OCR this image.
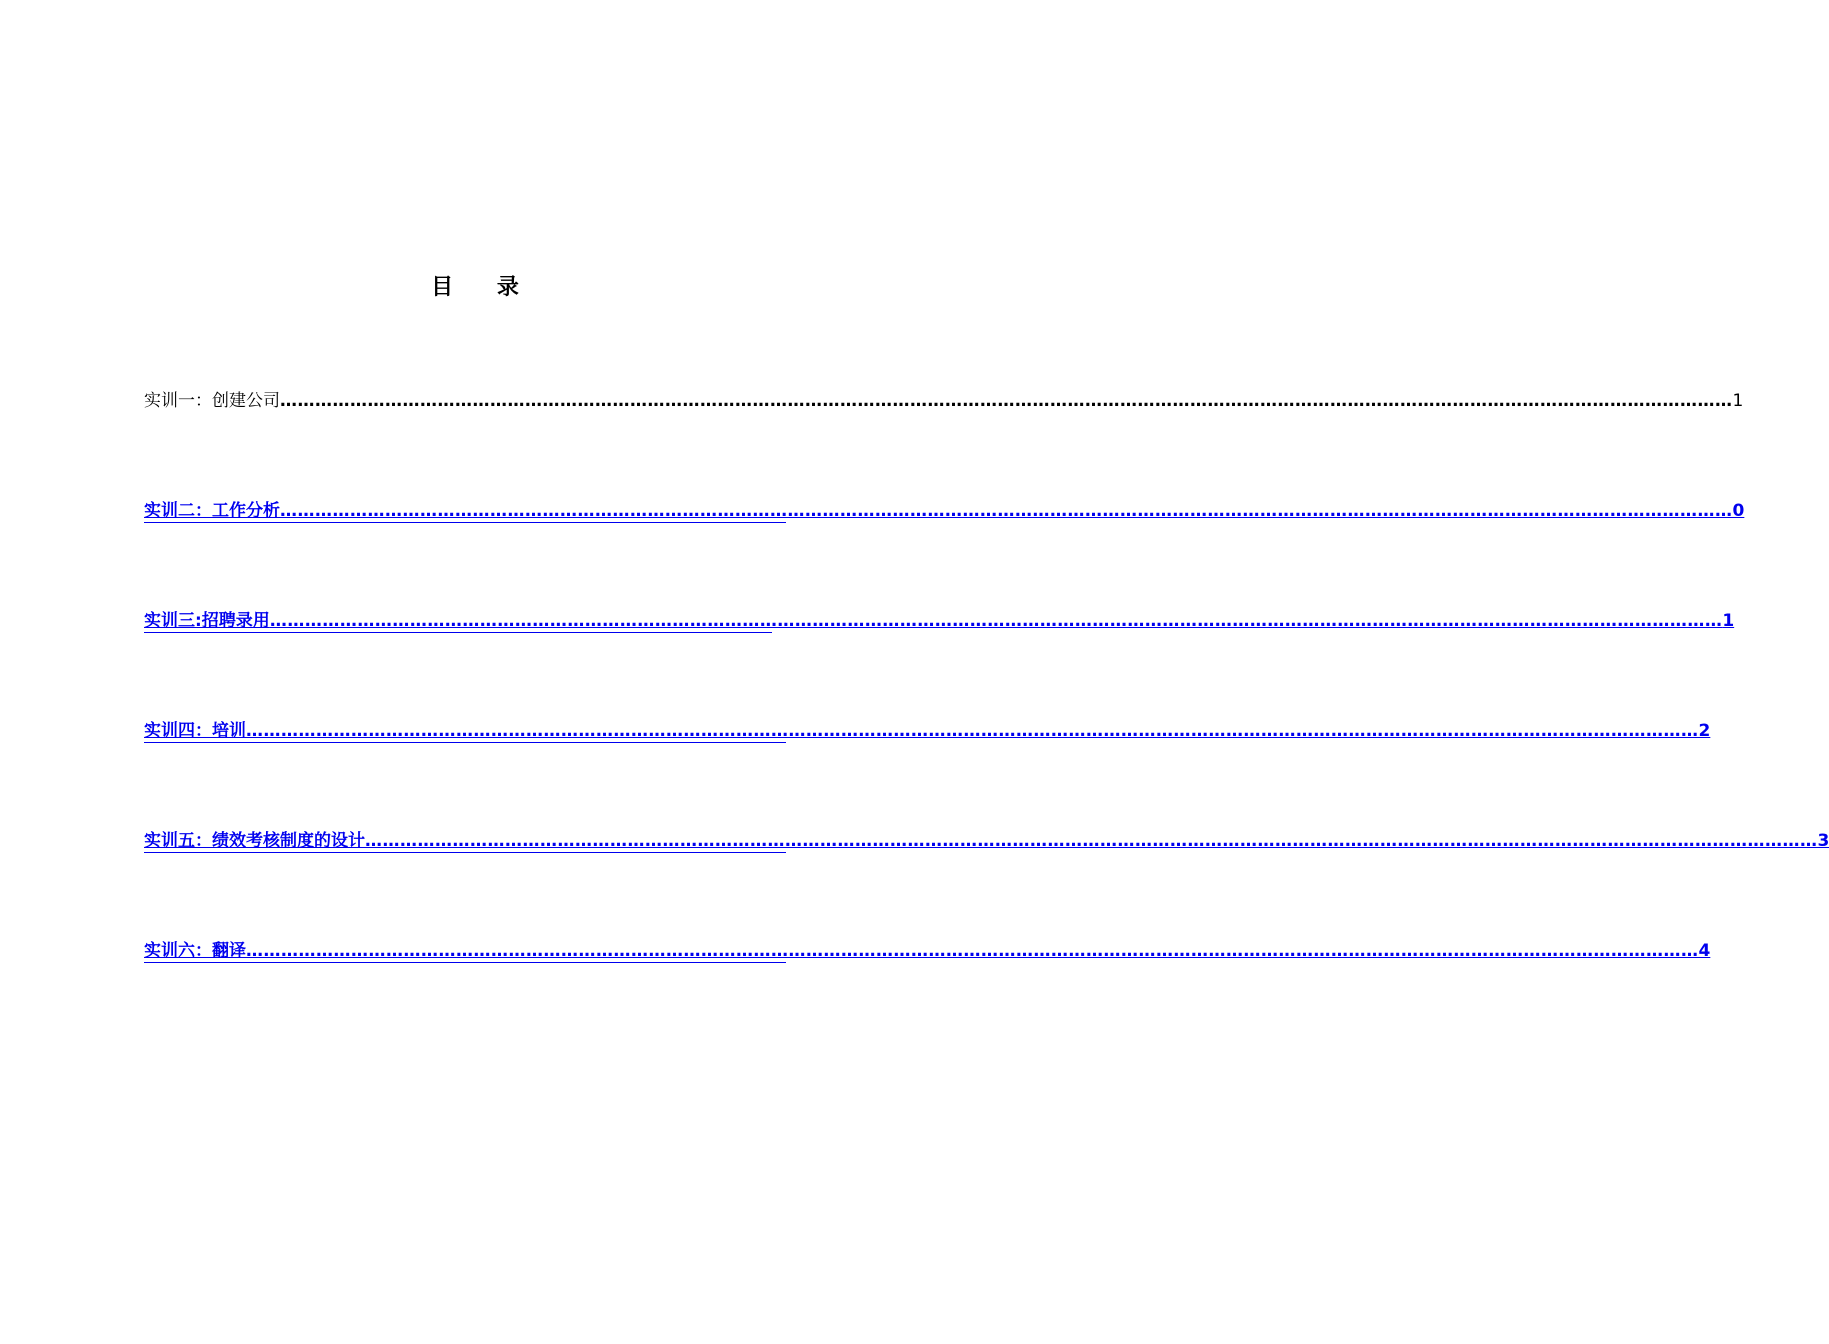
目 录
实训一：创建公司 …………………………………………………………………………………………………………………………………………………………………………………………………………………………… 1
实训二：工作分析 …………………………………………………………………………………………………………………………………………………………………………………………………………………………… 0
实训三:招聘录用 …………………………………………………………………………………………………………………………………………………………………………………………………………………………… 1
实训四：培训 …………………………………………………………………………………………………………………………………………………………………………………………………………………………… 2
实训五：绩效考核制度的设计 …………………………………………………………………………………………………………………………………………………………………………………………………………………………… 3
实训六：翻译 …………………………………………………………………………………………………………………………………………………………………………………………………………………………… 4
